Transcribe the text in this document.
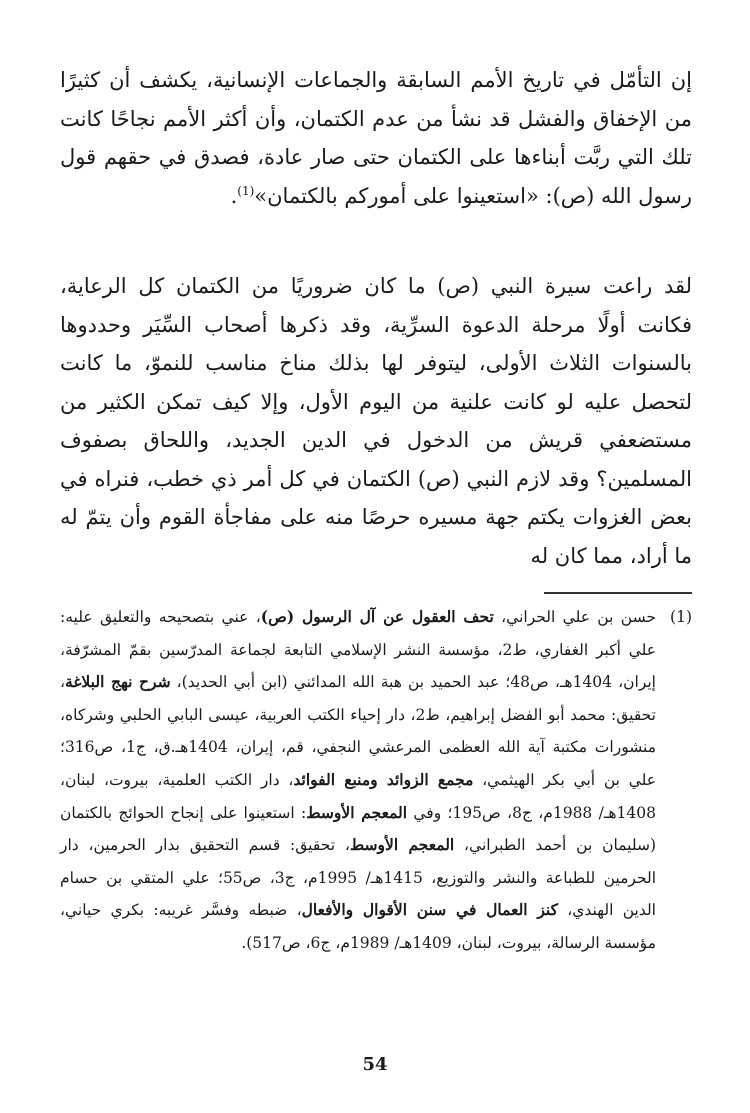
إن التأمّل في تاريخ الأمم السابقة والجماعات الإنسانية، يكشف أن كثيرًا من الإخفاق والفشل قد نشأ من عدم الكتمان، وأن أكثر الأمم نجاحًا كانت تلك التي ربَّت أبناءها على الكتمان حتى صار عادة، فصدق في حقهم قول رسول الله (ص): «استعينوا على أموركم بالكتمان»$^{(1)}$.

لقد راعت سيرة النبي (ص) ما كان ضروريًا من الكتمان كل الرعاية، فكانت أولًا مرحلة الدعوة السرِّية، وقد ذكرها أصحاب السِّيَر وحددوها بالسنوات الثلاث الأولى، ليتوفر لها بذلك مناخ مناسب للنموّ، ما كانت لتحصل عليه لو كانت علنية من اليوم الأول، وإلا كيف تمكن الكثير من مستضعفي قريش من الدخول في الدين الجديد، واللحاق بصفوف المسلمين؟ وقد لازم النبي (ص) الكتمان في كل أمر ذي خطب، فنراه في بعض الغزوات يكتم جهة مسيره حرصًا منه على مفاجأة القوم وأن يتمّ له ما أراد، مما كان له

(1)
حسن بن علي الحراني، تحف العقول عن آل الرسول (ص)، عني بتصحيحه والتعليق عليه: علي أكبر الغفاري، ط2، مؤسسة النشر الإسلامي التابعة لجماعة المدرّسين بقمّ المشرّفة، إيران، 1404هـ، ص48؛ عبد الحميد بن هبة الله المدائني (ابن أبي الحديد)، شرح نهج البلاغة، تحقيق: محمد أبو الفضل إبراهيم، ط2، دار إحياء الكتب العربية، عيسى البابي الحلبي وشركاه، منشورات مكتبة آية الله العظمى المرعشي النجفي، قم، إيران، 1404هـ.ق، ج1، ص316؛ علي بن أبي بكر الهيثمي، مجمع الزوائد ومنبع الفوائد، دار الكتب العلمية، بيروت، لبنان، 1408هـ/ 1988م، ج8، ص195؛ وفي المعجم الأوسط: استعينوا على إنجاح الحوائج بالكتمان (سليمان بن أحمد الطبراني، المعجم الأوسط، تحقيق: قسم التحقيق بدار الحرمين، دار الحرمين للطباعة والنشر والتوزيع، 1415هـ/ 1995م، ج3، ص55؛ علي المتقي بن حسام الدين الهندي، كنز العمال في سنن الأقوال والأفعال، ضبطه وفسَّر غريبه: بكري حياني، مؤسسة الرسالة، بيروت، لبنان، 1409هـ/ 1989م، ج6، ص517).
54
